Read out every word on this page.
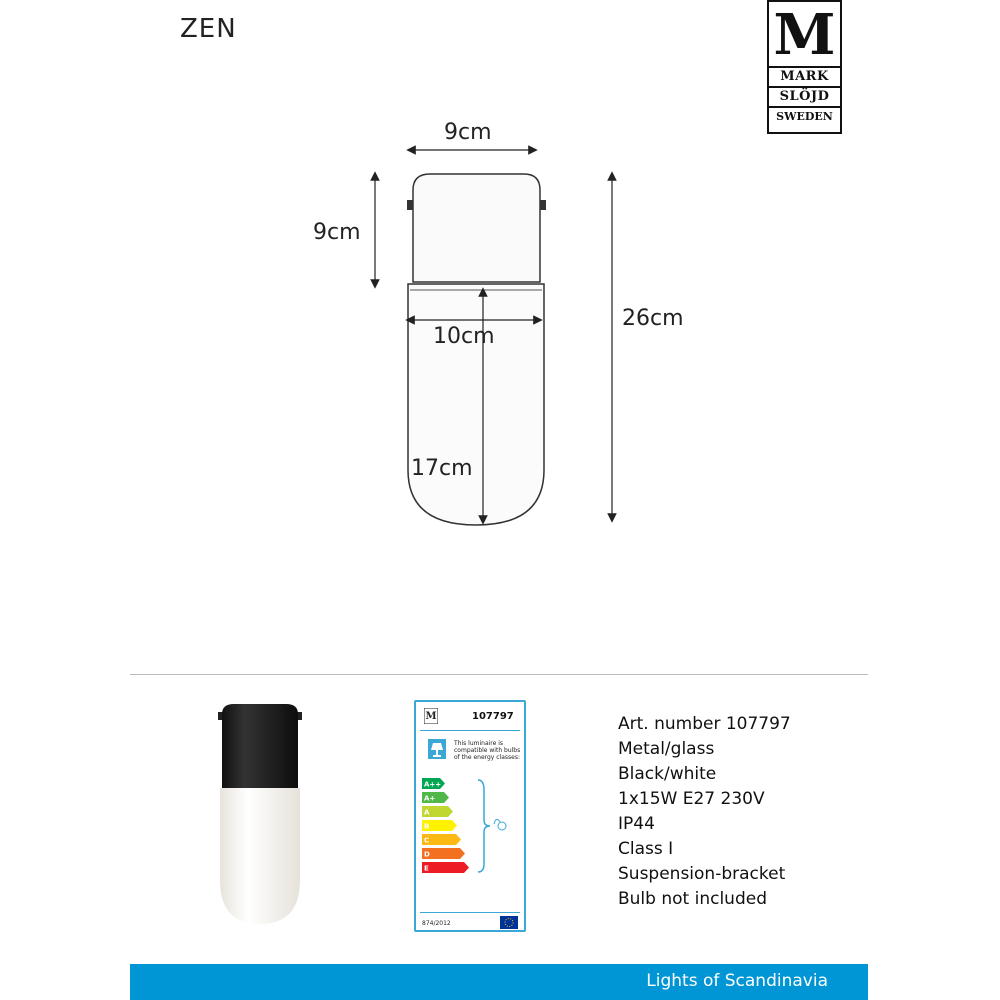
ZEN	M
MARK
SLÖJD
SWEDEN
9cm
9cm
26cm
10cm
17cm
M	107797
This luminaire is compatible with bulbs of the energy classes:
A++
A+
A
B
C
D
E
874/2012
Art. number 107797
Metal/glass
Black/white
1x15W E27 230V
IP44
Class I
Suspension-bracket
Bulb not included
Lights of Scandinavia
